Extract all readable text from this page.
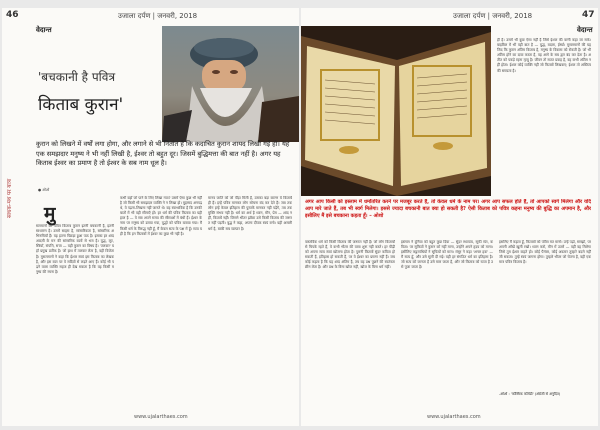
46	उजाला दर्पण | जनवरी, 2018
वेदान्त
साधक-पथ पर यात्रा
'बचकानी है पवित्र
किताब कुरान'
कुरान को लिखने में वर्षों लगा होगा, और लगाने से भी नितांत है कि कदाचित कुरान शायद लिखी गई हो। यह एक समझदार मनुष्य ने भी नहीं लिखी है, ईश्वर तो बहुत दूर। जिसमें बुद्धिमत्ता की बात नहीं है। अगर यह किताब ईश्वर का प्रमाण है तो ईश्वर के सब नाम धूल है।
● ओशो
मु
सलमानों को पवित्र किताब कुरान इतनी बचकानी है, इतनी साधारण है। उसमें साहस है, सांसारिकता है, सांसारिक अभिरुचियाँ हैं। यह इतना पिछड़ा हुआ पाठ है। इसका हर शब्द आदमी के मन की सांसारिक बातों से भरा है। युद्ध, लूट, स्त्रियाँ, संपत्ति, सत्ता — यही कुरान का विषय है। 'तलवार' यहाँ प्रमुख प्रतीक है। जो हाथ में तलवार लेता है, वही विजेता है। मुसलमानों ने कहा कि ईश्वर स्वयं इस किताब का लेखक है, और इस बात पर वे सदियों से लड़ते आए हैं। कोई भी पढ़ने वाला व्यक्ति सहज ही देख सकता है कि यह किसी मनुष्य की रचना है।
कभी यहाँ जो पाने के लिए लिखा गया? उसमें ऐसा कुछ भी नहीं है जो किसी भी समझदार व्यक्ति ने न लिखा हो। मुहम्मद अनपढ़ थे, वे पढ़ना-लिखना नहीं जानते थे। यह स्वाभाविक है कि उनकी बातों में भी वही सीमाएँ हों। हर धर्म की पवित्र किताब का यही हाल है — वे सब अपने समय की सीमाओं में बंधी हैं। ईश्वर के नाम पर मनुष्य को डराया गया, युद्धों को पवित्र बताया गया। मैं किसी धर्म के विरुद्ध नहीं हूँ, मैं केवल सत्य के पक्ष में हूँ। सत्य यही है कि इन किताबों में ईश्वर का कुछ भी नहीं है।
मानव जाति को जो पीड़ा मिली है, उसका बड़ा कारण ये किताबें ही हैं। इन्हें पवित्र मानकर लोग सोचना बंद कर देते हैं। जब तक लोग इन्हें केवल इतिहास की पुस्तकें मानकर नहीं पढ़ेंगे, तब तक मुक्ति संभव नहीं है। धर्म का अर्थ है ध्यान, मौन, प्रेम — शब्द नहीं, किताबें नहीं। जिसने भीतर झाँका उसे किसी किताब की जरूरत नहीं पड़ती। बुद्ध ने कहा, अपना दीपक स्वयं बनो। यही असली धर्म है, बाकी सब व्यापार है।
www.ujalarthaes.com
उजाला दर्पण | जनवरी, 2018	47
वेदान्त
ही है। उसमें भी कुछ ऐसा नहीं है जिसे ईश्वर की वाणी कहा जा सके। बाइबिल में भी वही बात है — युद्ध, बदला, ईर्ष्या। मुसलमानों की यह जिद कि कुरान अंतिम किताब है, मनुष्य के विकास को रोकती है। जो भी अंतिम होने का दावा करता है, वह आगे के सब द्वार बंद कर देता है। अतीत को पकड़े रहना मृत्यु है। जीवन तो सतत प्रवाह है, वह कभी अंतिम नहीं होता। ईश्वर कोई व्यक्ति नहीं जो किताबें लिखवाए; ईश्वर तो अस्तित्व की समग्रता है।
अगर आप किसी को इस्लाम में धर्मांतरित करने पर मजबूर करते हैं, तो केवल धर्म के नाम पर। अगर आप सफल होते हैं, तो आपको स्वर्ग मिलेगा और यदि आप मारे जाते हैं, तब भी स्वर्ग मिलेगा। इससे ज्यादा बचकानी बात क्या हो सकती है? ऐसी किताब को पवित्र कहना मनुष्य की बुद्धि का अपमान है, और इसीलिए मैं इसे बचकाना कहता हूँ। – ओशो
वास्तविक धर्म को किसी किताब की जरूरत नहीं है। जो लोग किताबों से चिपके रहते हैं, वे कभी भीतर की यात्रा शुरू नहीं करते। हर पीढ़ी को अपना सत्य स्वयं खोजना होता है। पुरानी किताबें सुंदर कविता हो सकती हैं, इतिहास हो सकती हैं, पर वे ईश्वर का प्रमाण नहीं हैं। जब कोई कहता है कि यह शब्द अंतिम है, तब वह प्रश्न पूछने की स्वतंत्रता छीन लेता है। और प्रश्न के बिना खोज नहीं, खोज के बिना धर्म नहीं।
इस्लाम ने दुनिया को बहुत कुछ दिया — सुंदर स्थापत्य, सूफी संत, कविता। पर सूफियों ने कुरान को नहीं माना, उन्होंने अपने हृदय को माना। इसीलिए कट्टरपंथियों ने सूफियों को मारा। मंसूर ने कहा 'अनल हक' — मैं सत्य हूँ, और उसे सूली दी गई। यही हर संगठित धर्म का इतिहास है। जो सत्य को जानता है उसे मारा जाता है, और जो किताब को रटता है उसे पूजा जाता है।
इसलिए मैं कहता हूँ, किताबों को पवित्र मत मानो। उन्हें पढ़ो, समझो, पर अपनी आँखें खुली रखो। ध्यान करो, मौन में उतरो — वहीं वह मिलेगा जिसे तुम ईश्वर कहते हो। कोई पैगंबर, कोई अवतार तुम्हारे बदले नहीं जी सकता। तुम्हें स्वयं जागना होगा। तुम्हारे भीतर जो चेतना है, वही एकमात्र पवित्र किताब है।
-ओशो : 'कॉस्मिक कॉमेडी' (अंग्रेजी से अनुदित)
www.ujalarthaes.com
